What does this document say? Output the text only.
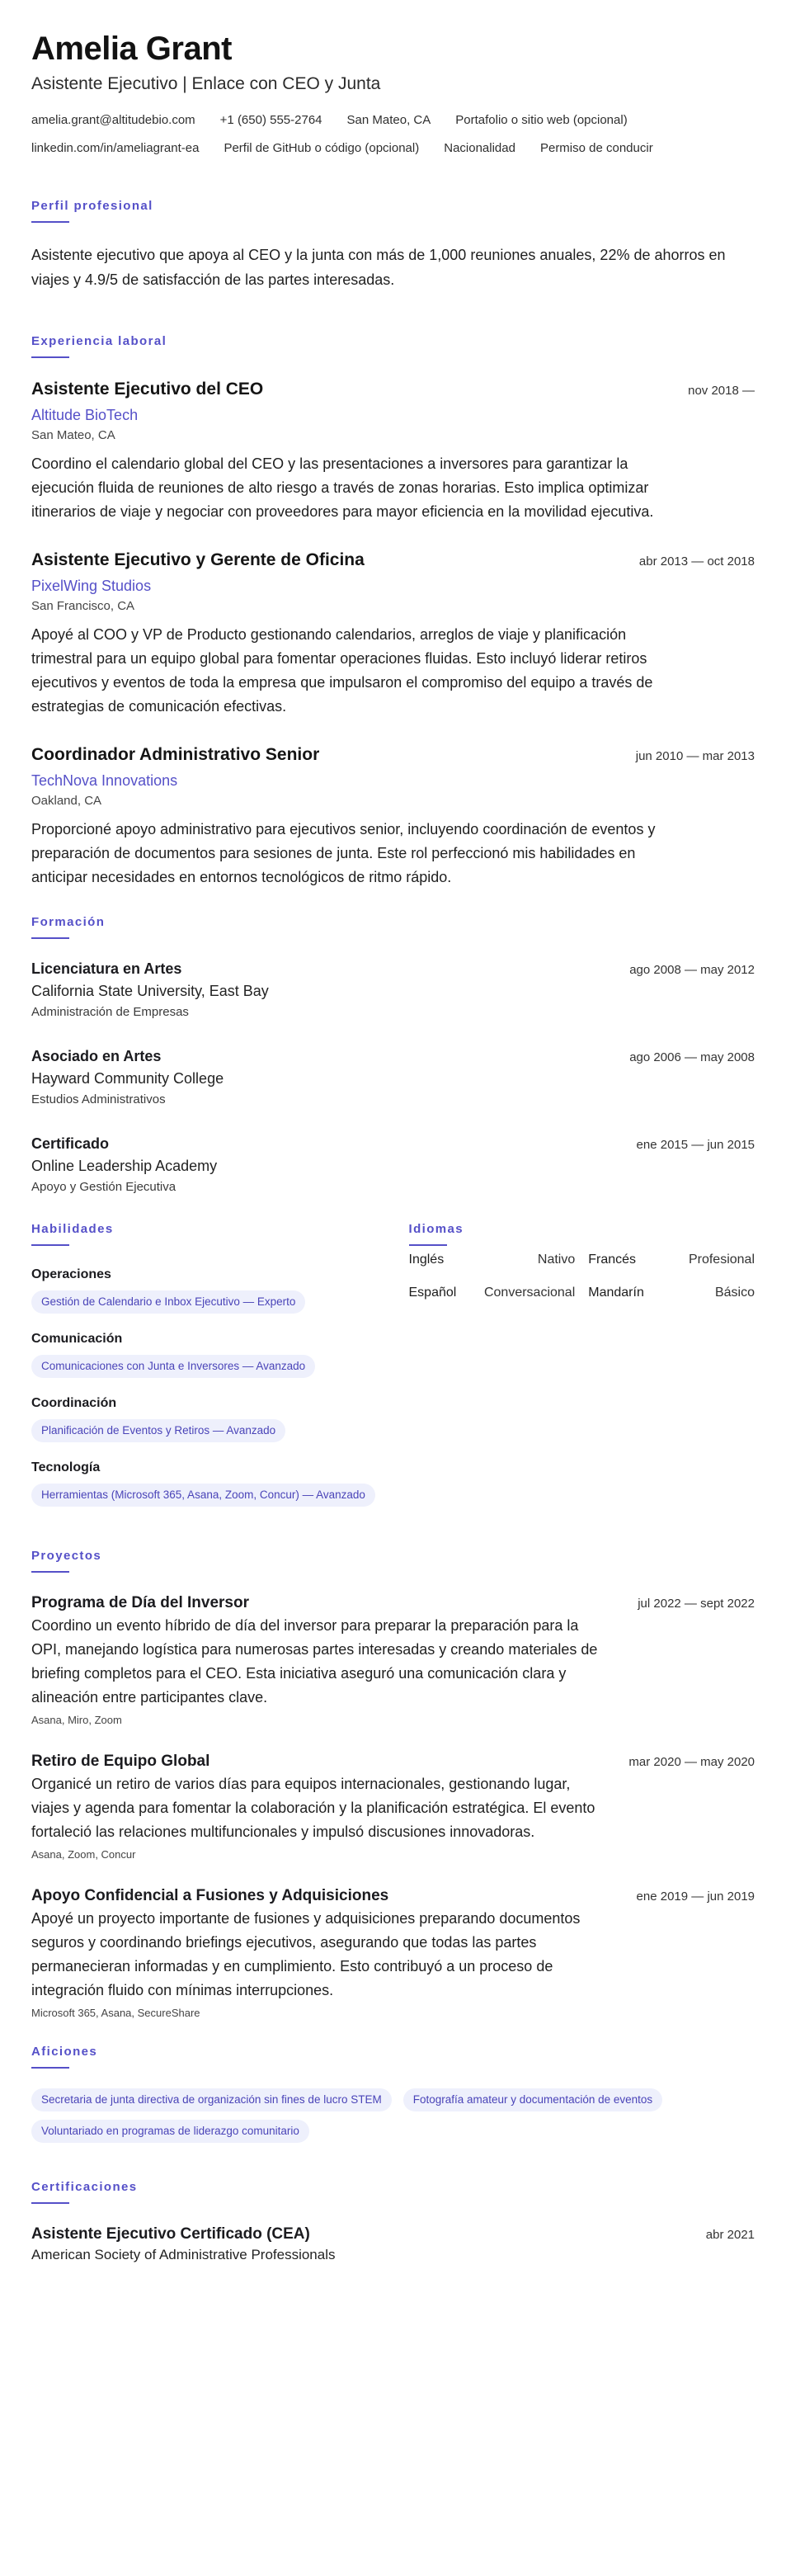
Amelia Grant
Asistente Ejecutivo | Enlace con CEO y Junta
amelia.grant@altitudebio.com +1 (650) 555-2764 San Mateo, CA Portafolio o sitio web (opcional)
linkedin.com/in/ameliagrant-ea Perfil de GitHub o código (opcional) Nacionalidad Permiso de conducir
Perfil profesional

Asistente ejecutivo que apoya al CEO y la junta con más de 1,000 reuniones anuales, 22% de ahorros en viajes y 4.9/5 de satisfacción de las partes interesadas.

Experiencia laboral
Asistente Ejecutivo del CEO	nov 2018 —
Altitude BioTech
San Mateo, CA

Coordino el calendario global del CEO y las presentaciones a inversores para garantizar la ejecución fluida de reuniones de alto riesgo a través de zonas horarias. Esto implica optimizar itinerarios de viaje y negociar con proveedores para mayor eficiencia en la movilidad ejecutiva.

Asistente Ejecutivo y Gerente de Oficina	abr 2013 — oct 2018
PixelWing Studios
San Francisco, CA

Apoyé al COO y VP de Producto gestionando calendarios, arreglos de viaje y planificación trimestral para un equipo global para fomentar operaciones fluidas. Esto incluyó liderar retiros ejecutivos y eventos de toda la empresa que impulsaron el compromiso del equipo a través de estrategias de comunicación efectivas.

Coordinador Administrativo Senior	jun 2010 — mar 2013
TechNova Innovations
Oakland, CA

Proporcioné apoyo administrativo para ejecutivos senior, incluyendo coordinación de eventos y preparación de documentos para sesiones de junta. Este rol perfeccionó mis habilidades en anticipar necesidades en entornos tecnológicos de ritmo rápido.

Formación
Licenciatura en Artes	ago 2008 — may 2012
California State University, East Bay
Administración de Empresas
Asociado en Artes	ago 2006 — may 2008
Hayward Community College
Estudios Administrativos
Certificado	ene 2015 — jun 2015
Online Leadership Academy
Apoyo y Gestión Ejecutiva
Habilidades
Operaciones
Gestión de Calendario e Inbox Ejecutivo — Experto
Comunicación
Comunicaciones con Junta e Inversores — Avanzado
Coordinación
Planificación de Eventos y Retiros — Avanzado
Tecnología
Herramientas (Microsoft 365, Asana, Zoom, Concur) — Avanzado
Idiomas
Inglés	Nativo Francés	Profesional
Español Conversacional Mandarín	Básico
Proyectos
Programa de Día del Inversor	jul 2022 — sept 2022

Coordino un evento híbrido de día del inversor para preparar la preparación para la OPI, manejando logística para numerosas partes interesadas y creando materiales de briefing completos para el CEO. Esta iniciativa aseguró una comunicación clara y alineación entre participantes clave.

Asana, Miro, Zoom
Retiro de Equipo Global	mar 2020 — may 2020

Organicé un retiro de varios días para equipos internacionales, gestionando lugar, viajes y agenda para fomentar la colaboración y la planificación estratégica. El evento fortaleció las relaciones multifuncionales y impulsó discusiones innovadoras.

Asana, Zoom, Concur
Apoyo Confidencial a Fusiones y Adquisiciones	ene 2019 — jun 2019

Apoyé un proyecto importante de fusiones y adquisiciones preparando documentos seguros y coordinando briefings ejecutivos, asegurando que todas las partes permanecieran informadas y en cumplimiento. Esto contribuyó a un proceso de integración fluido con mínimas interrupciones.

Microsoft 365, Asana, SecureShare
Aficiones
Secretaria de junta directiva de organización sin fines de lucro STEM	Fotografía amateur y documentación de eventos
Voluntariado en programas de liderazgo comunitario
Certificaciones
Asistente Ejecutivo Certificado (CEA)	abr 2021
American Society of Administrative Professionals
